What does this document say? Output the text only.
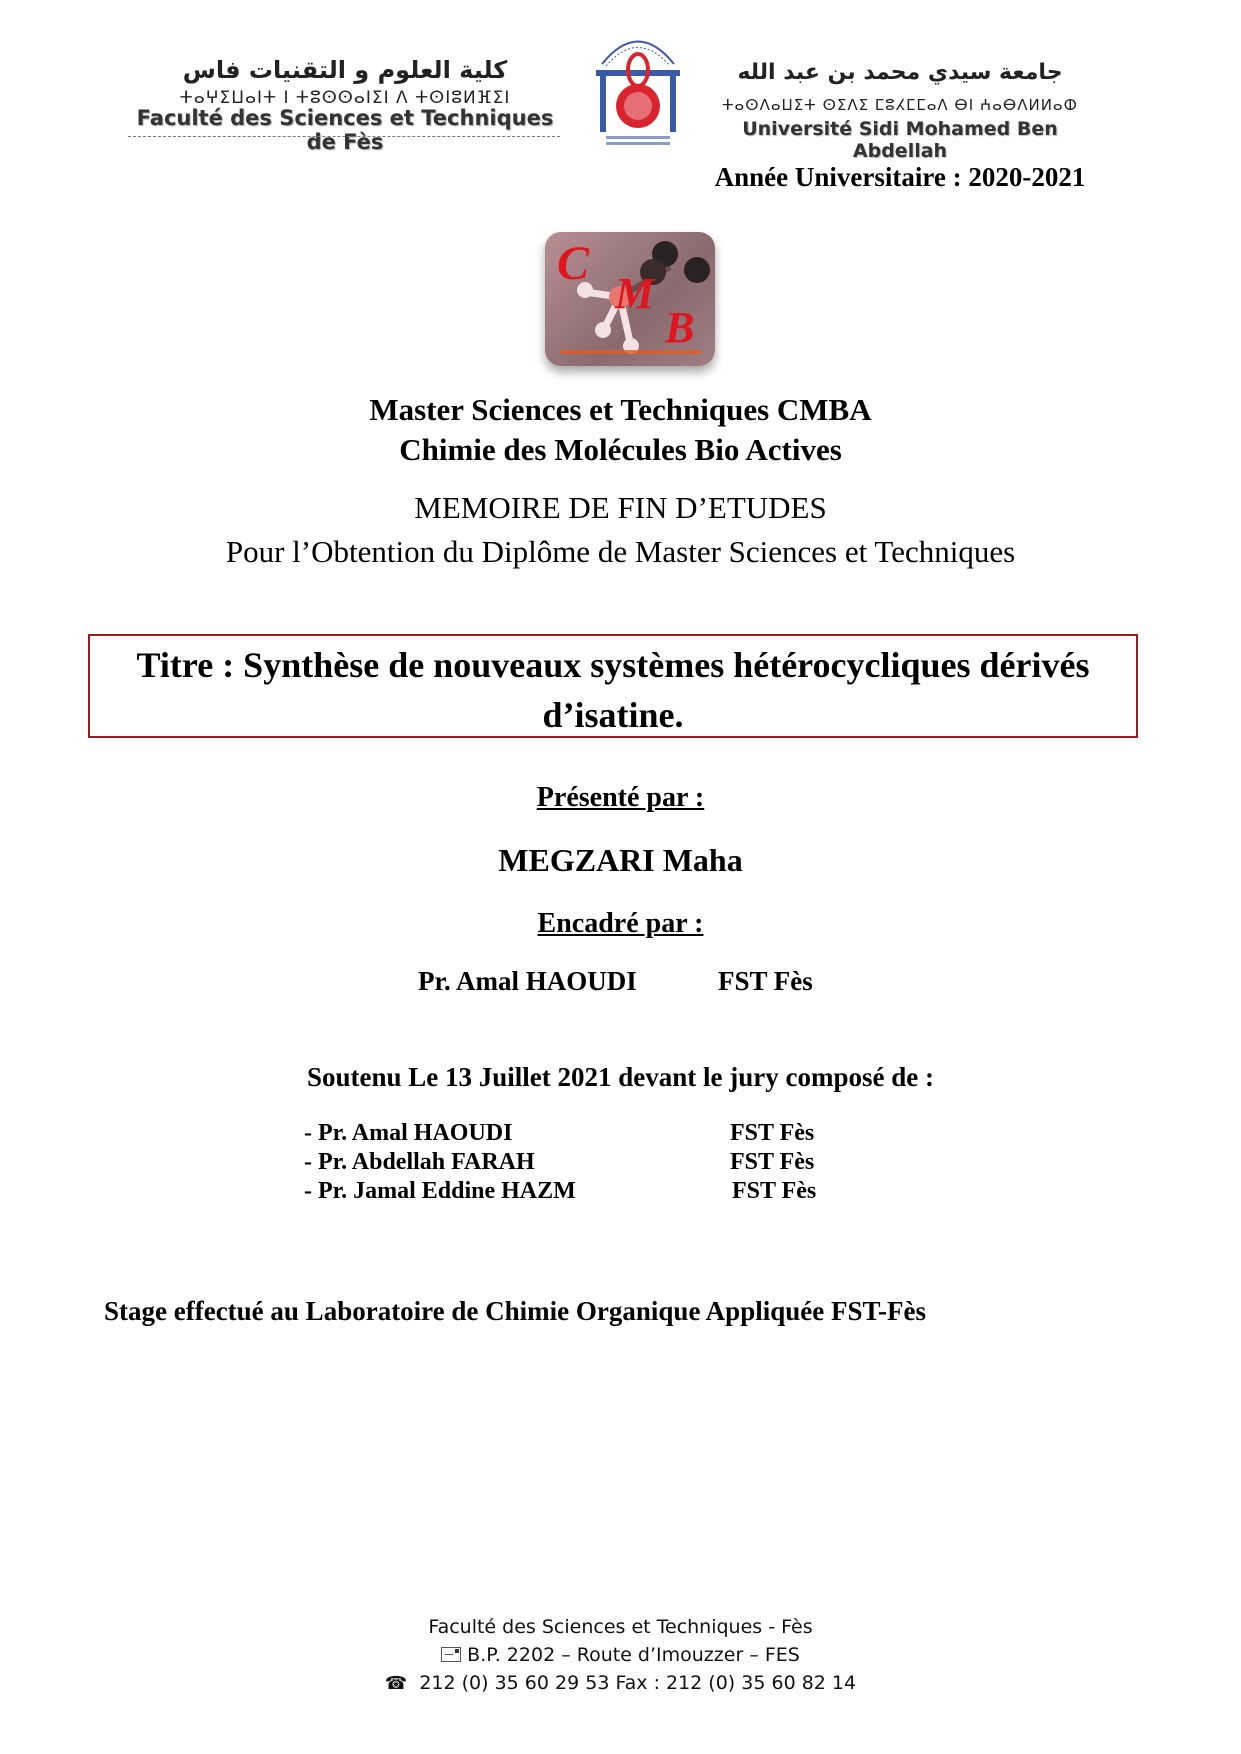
كلية العلوم و التقنيات فاس
ⵜⴰⵖⵉⵡⴰⵏⵜ ⵏ ⵜⵓⵙⵙⴰⵏⵉⵏ ⴷ ⵜⵙⵏⵓⵍⴼⵉⵏ
Faculté des Sciences et Techniques de Fès
جامعة سيدي محمد بن عبد الله
ⵜⴰⵙⴷⴰⵡⵉⵜ ⵙⵉⴷⵉ ⵎⵓⵃⵎⵎⴰⴷ ⴱⵏ ⵄⴰⴱⴷⵍⵍⴰⵀ
Université Sidi Mohamed Ben Abdellah
Année Universitaire : 2020-2021
C
M
B
Master Sciences et Techniques CMBA
Chimie des Molécules Bio Actives
MEMOIRE DE FIN D’ETUDES
Pour l’Obtention du Diplôme de Master Sciences et Techniques
Titre : Synthèse de nouveaux systèmes hétérocycliques dérivés
d’isatine.
Présenté par :
MEGZARI Maha
Encadré par :
Pr. Amal HAOUDI	FST Fès
Soutenu Le 13 Juillet 2021 devant le jury composé de :
- Pr. Amal HAOUDI	FST Fès
- Pr. Abdellah FARAH	FST Fès
- Pr. Jamal Eddine HAZM	FST Fès
Stage effectué au Laboratoire de Chimie Organique Appliquée FST-Fès
Faculté des Sciences et Techniques - Fès
B.P. 2202 – Route d’Imouzzer – FES
☎ 212 (0) 35 60 29 53 Fax : 212 (0) 35 60 82 14
